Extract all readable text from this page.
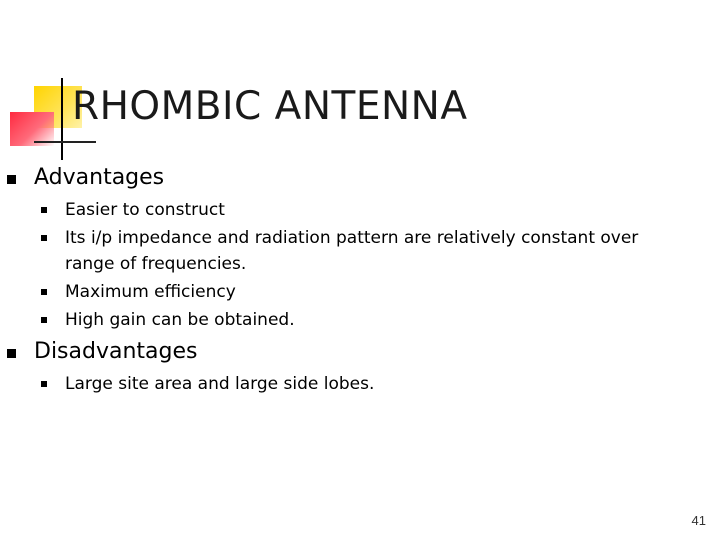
RHOMBIC ANTENNA
Advantages
Easier to construct
Its i/p impedance and radiation pattern are relatively constant over range of frequencies.
Maximum efficiency
High gain can be obtained.
Disadvantages
Large site area and large side lobes.
41
